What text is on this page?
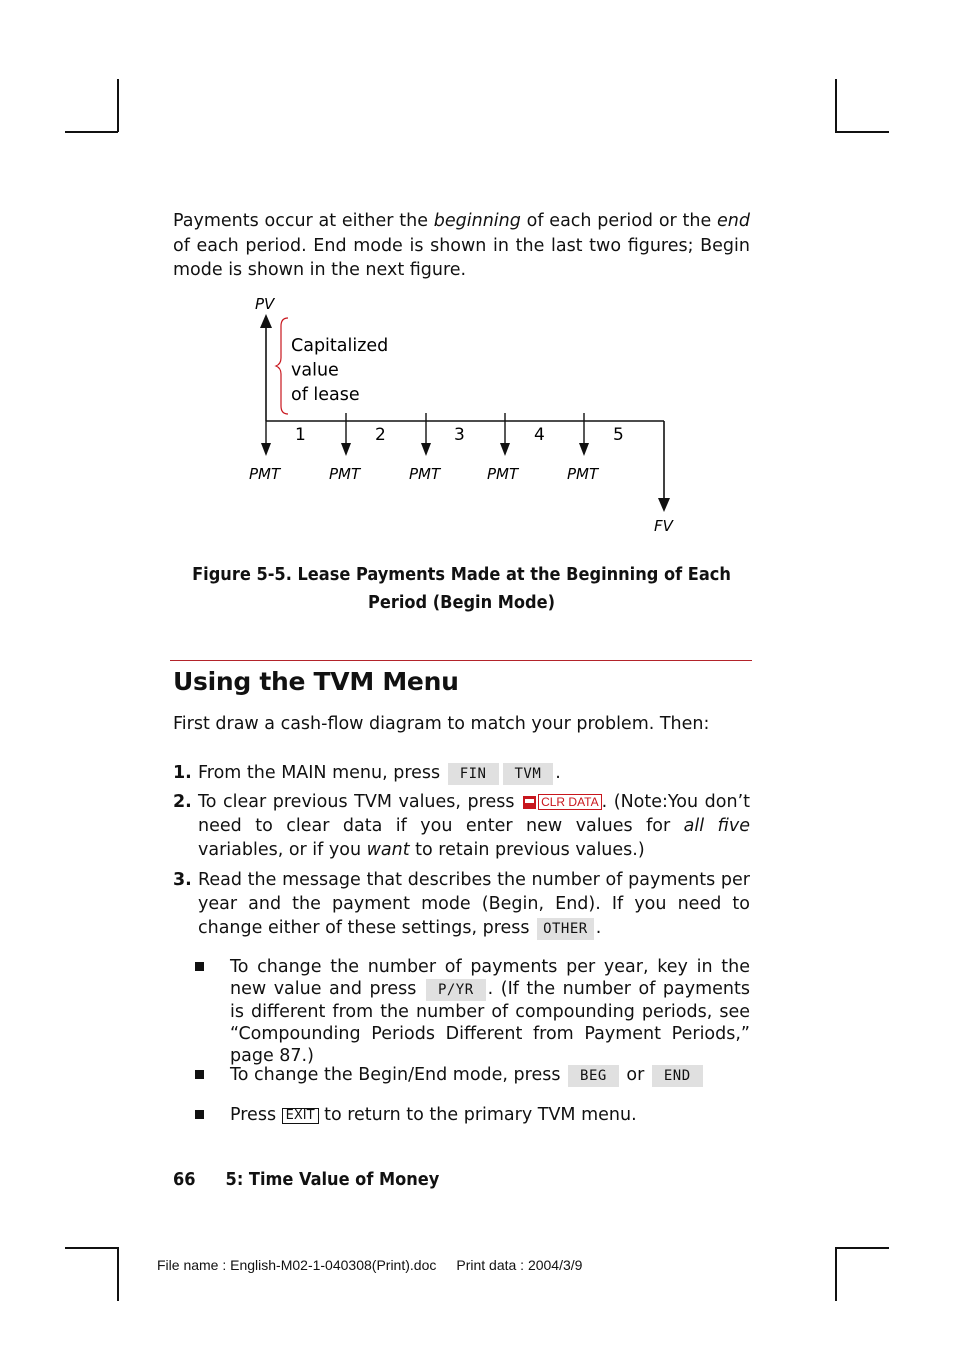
Payments occur at either the beginning of each period or the end of each period. End mode is shown in the last two figures; Begin mode is shown in the next figure.
PV
Capitalized value of lease
FV
1	2	3	4	5
PMT	PMT	PMT	PMT	PMT
Figure 5-5. Lease Payments Made at the Beginning of Each
Period (Begin Mode)
Using the TVM Menu
First draw a cash-flow diagram to match your problem. Then:
1. From the MAIN menu, press FIN TVM .
2. To clear previous TVM values, press CLR DATA . (Note:You don’t need to clear data if you enter new values for all five variables, or if you want to retain previous values.)
3. Read the message that describes the number of payments per year and the payment mode (Begin, End). If you need to change either of these settings, press OTHER .
To change the number of payments per year, key in the new value and press P/YR . (If the number of payments is different from the number of compounding periods, see “Compounding Periods Different from Payment Periods,” page 87.)
To change the Begin/End mode, press BEG or END
Press EXIT to return to the primary TVM menu.
66 5: Time Value of Money
File name : English-M02-1-040308(Print).doc Print data : 2004/3/9
